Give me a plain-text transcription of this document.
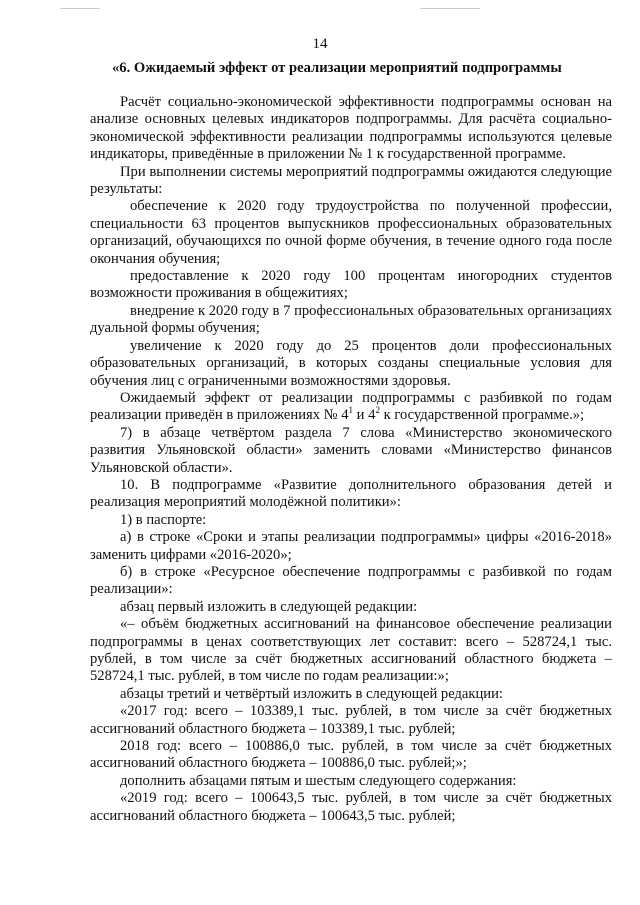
14
«6. Ожидаемый эффект от реализации мероприятий подпрограммы

Расчёт социально-экономической эффективности подпрограммы основан на анализе основных целевых индикаторов подпрограммы. Для расчёта социально-экономической эффективности реализации подпрограммы используются целевые индикаторы, приведённые в приложении № 1 к государственной программе.

При выполнении системы мероприятий подпрограммы ожидаются следующие результаты:

обеспечение к 2020 году трудоустройства по полученной профессии, специальности 63 процентов выпускников профессиональных образовательных организаций, обучающихся по очной форме обучения, в течение одного года после окончания обучения;

предоставление к 2020 году 100 процентам иногородних студентов возможности проживания в общежитиях;

внедрение к 2020 году в 7 профессиональных образовательных организациях дуальной формы обучения;

увеличение к 2020 году до 25 процентов доли профессиональных образовательных организаций, в которых созданы специальные условия для обучения лиц с ограниченными возможностями здоровья.

Ожидаемый эффект от реализации подпрограммы с разбивкой по годам реализации приведён в приложениях № $4^1$ и $4^2$ к государственной программе.»;

7) в абзаце четвёртом раздела 7 слова «Министерство экономического развития Ульяновской области» заменить словами «Министерство финансов Ульяновской области».

10. В подпрограмме «Развитие дополнительного образования детей и реализация мероприятий молодёжной политики»:

1) в паспорте:

а) в строке «Сроки и этапы реализации подпрограммы» цифры «2016-2018» заменить цифрами «2016-2020»;

б) в строке «Ресурсное обеспечение подпрограммы с разбивкой по годам реализации»:

абзац первый изложить в следующей редакции:

«– объём бюджетных ассигнований на финансовое обеспечение реализации подпрограммы в ценах соответствующих лет составит: всего – 528724,1 тыс. рублей, в том числе за счёт бюджетных ассигнований областного бюджета – 528724,1 тыс. рублей, в том числе по годам реализации:»;

абзацы третий и четвёртый изложить в следующей редакции:

«2017 год: всего – 103389,1 тыс. рублей, в том числе за счёт бюджетных ассигнований областного бюджета – 103389,1 тыс. рублей;

2018 год: всего – 100886,0 тыс. рублей, в том числе за счёт бюджетных ассигнований областного бюджета – 100886,0 тыс. рублей;»;

дополнить абзацами пятым и шестым следующего содержания:

«2019 год: всего – 100643,5 тыс. рублей, в том числе за счёт бюджетных ассигнований областного бюджета – 100643,5 тыс. рублей;
